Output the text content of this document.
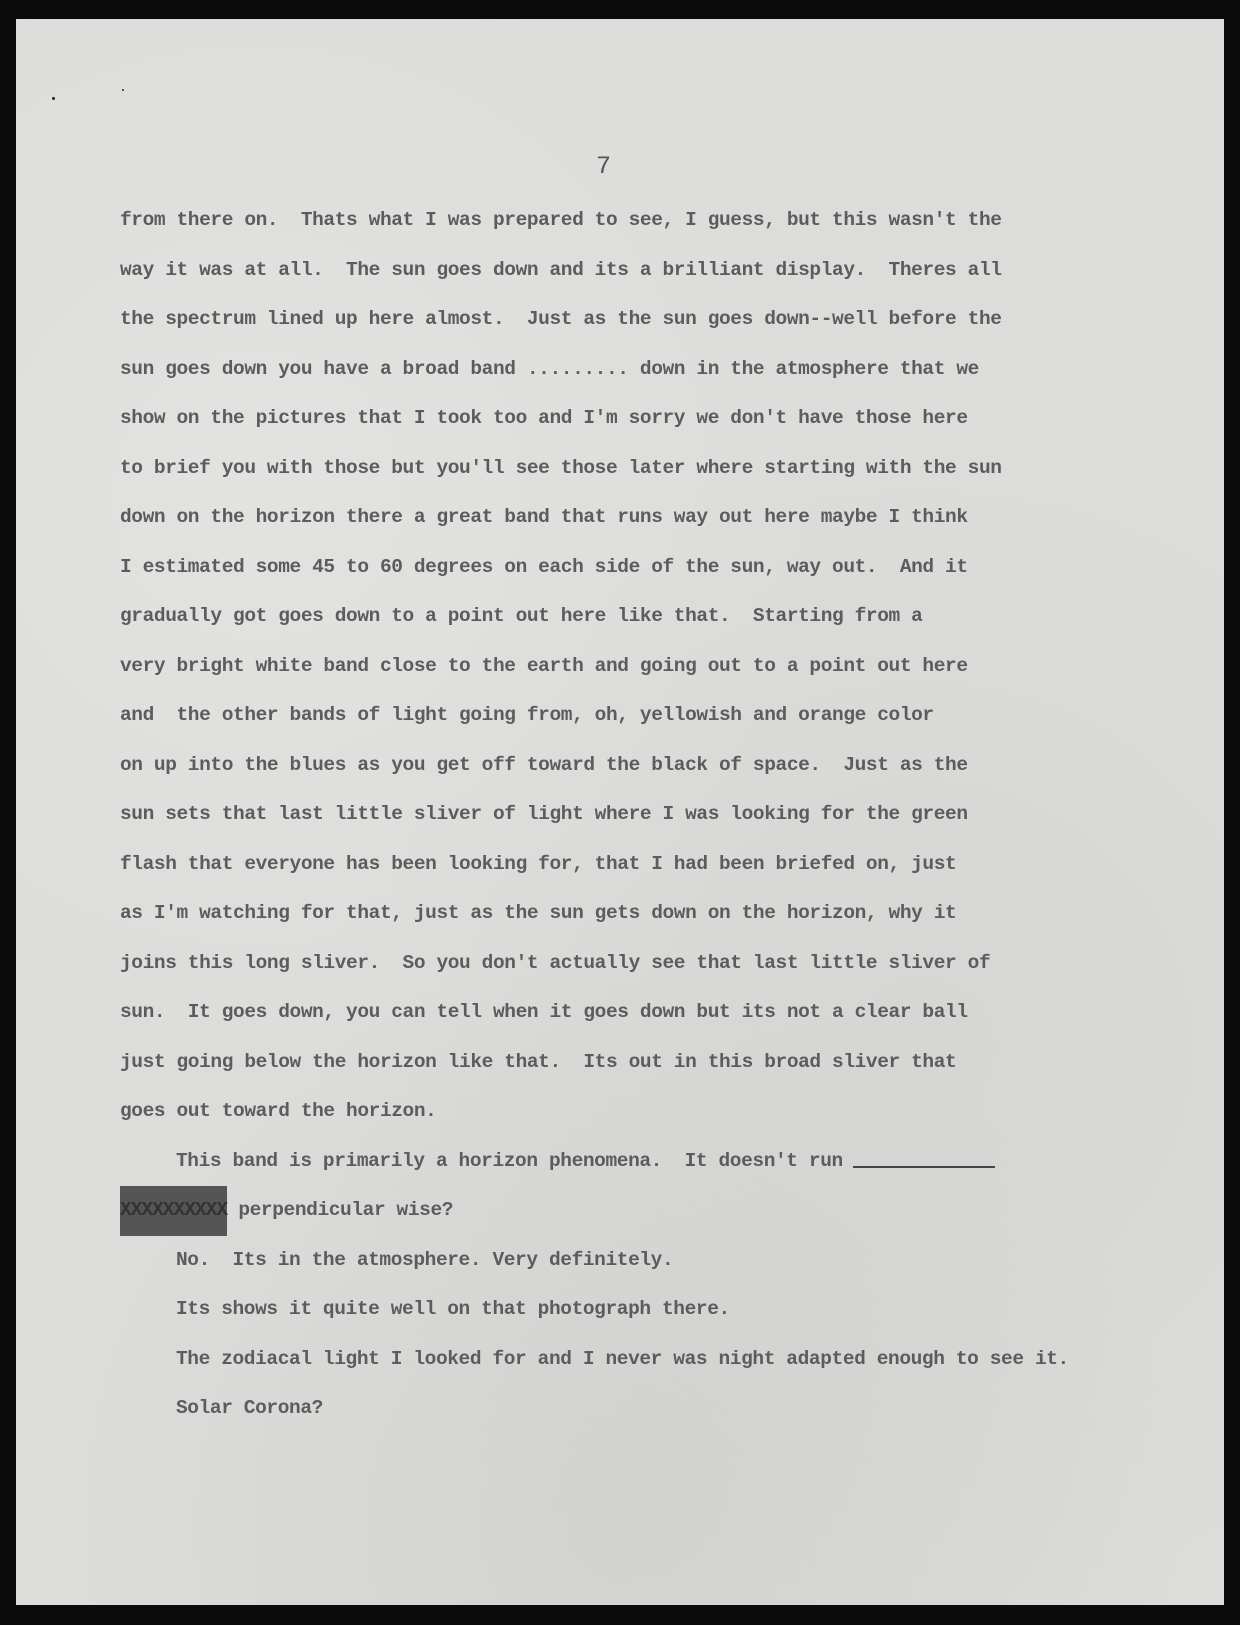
7
from there on.  Thats what I was prepared to see, I guess, but this wasn't the
way it was at all.  The sun goes down and its a brilliant display.  Theres all
the spectrum lined up here almost.  Just as the sun goes down--well before the
sun goes down you have a broad band ......... down in the atmosphere that we
show on the pictures that I took too and I'm sorry we don't have those here
to brief you with those but you'll see those later where starting with the sun
down on the horizon there a great band that runs way out here maybe I think
I estimated some 45 to 60 degrees on each side of the sun, way out.  And it
gradually got goes down to a point out here like that.  Starting from a
very bright white band close to the earth and going out to a point out here
and  the other bands of light going from, oh, yellowish and orange color
on up into the blues as you get off toward the black of space.  Just as the
sun sets that last little sliver of light where I was looking for the green
flash that everyone has been looking for, that I had been briefed on, just
as I'm watching for that, just as the sun gets down on the horizon, why it
joins this long sliver.  So you don't actually see that last little sliver of
sun.  It goes down, you can tell when it goes down but its not a clear ball
just going below the horizon like that.  Its out in this broad sliver that
goes out toward the horizon.
This band is primarily a horizon phenomena.  It doesn't run
XXXXXXXXXX perpendicular wise?
No.  Its in the atmosphere. Very definitely.
Its shows it quite well on that photograph there.
The zodiacal light I looked for and I never was night adapted enough to see it.
Solar Corona?
